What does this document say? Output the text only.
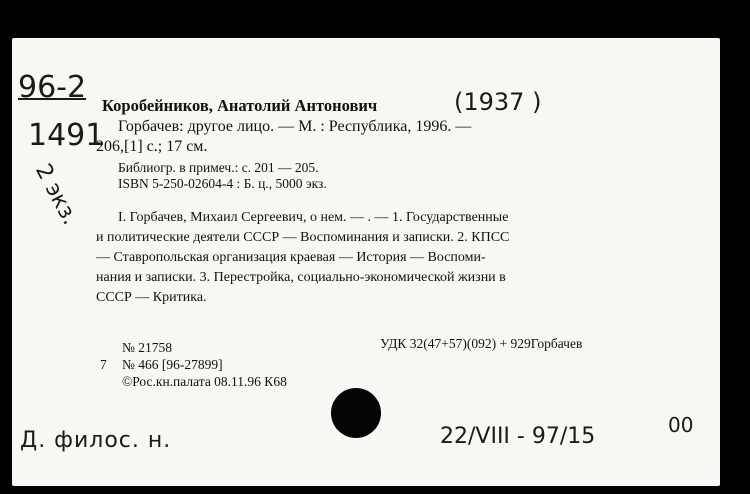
96-2
1491
2 экз.
(1937 )
Д. филос. н.	22/VIII - 97/15	00
Коробейников, Анатолий Антонович
Горбачев: другое лицо. — М. : Республика, 1996. —
206,[1] с.; 17 см.
Библиогр. в примеч.: с. 201 — 205.
ISBN 5-250-02604-4 : Б. ц., 5000 экз.
I. Горбачев, Михаил Сергеевич, о нем. — . — 1. Государственные
и политические деятели СССР — Воспоминания и записки. 2. КПСС
— Ставропольская организация краевая — История — Воспоми-
нания и записки. 3. Перестройка, социально-экономической жизни в
СССР — Критика.
№ 21758
7 № 466 [96-27899]
©Рос.кн.палата 08.11.96 К68
УДК 32(47+57)(092) + 929Горбачев
